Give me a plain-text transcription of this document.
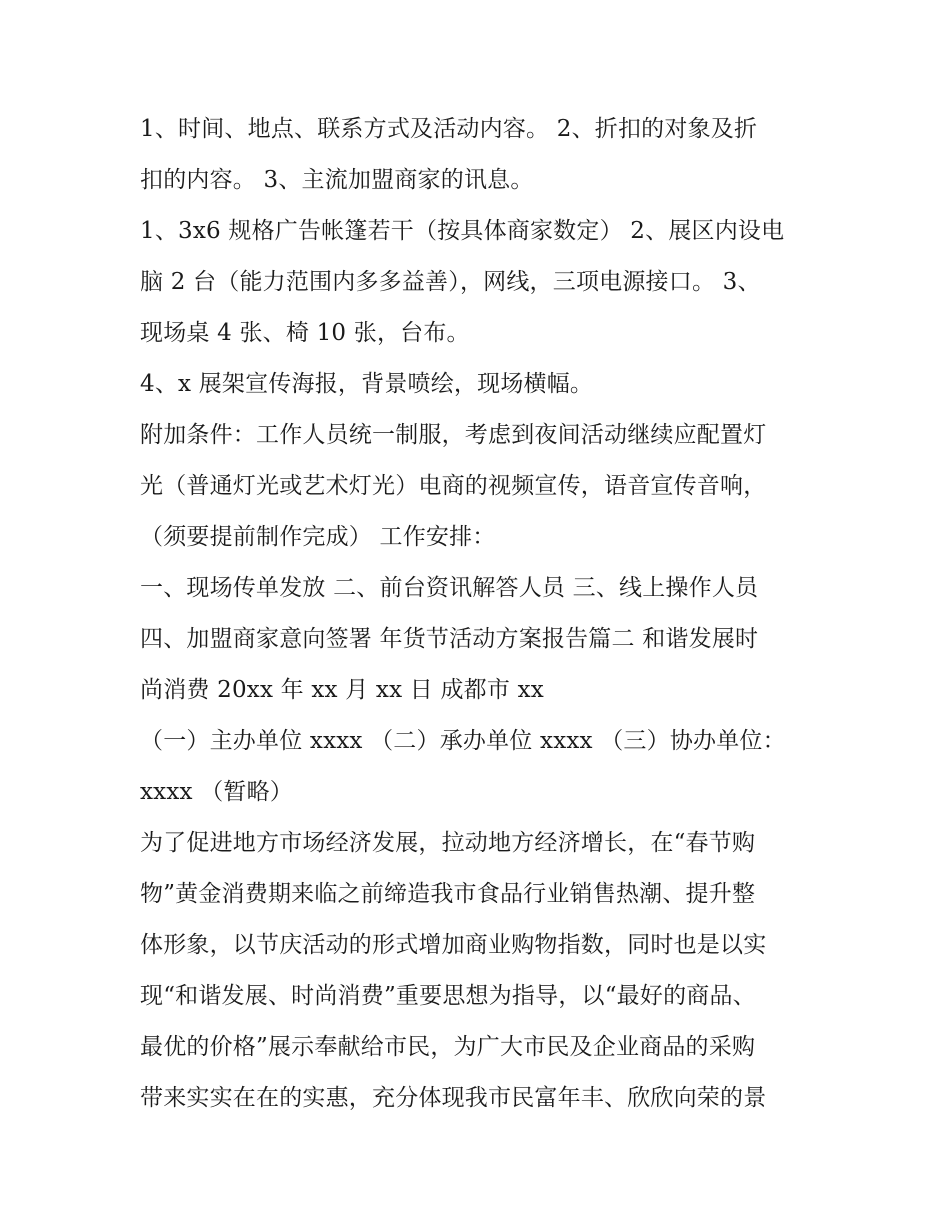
1、时间、地点、联系方式及活动内容。 2、折扣的对象及折
扣的内容。 3、主流加盟商家的讯息。
1、3x6 规格广告帐篷若干（按具体商家数定） 2、展区内设电
脑 2 台（能力范围内多多益善），网线，三项电源接口。 3、
现场桌 4 张、椅 10 张，台布。
4、x 展架宣传海报，背景喷绘，现场横幅。
附加条件：工作人员统一制服，考虑到夜间活动继续应配置灯
光（普通灯光或艺术灯光）电商的视频宣传，语音宣传音响，
（须要提前制作完成） 工作安排：
一、现场传单发放 二、前台资讯解答人员 三、线上操作人员
四、加盟商家意向签署 年货节活动方案报告篇二 和谐发展时
尚消费 20xx 年 xx 月 xx 日 成都市 xx
（一）主办单位 xxxx （二）承办单位 xxxx （三）协办单位：
xxxx （暂略）
为了促进地方市场经济发展，拉动地方经济增长，在“春节购
物”黄金消费期来临之前缔造我市食品行业销售热潮、提升整
体形象，以节庆活动的形式增加商业购物指数，同时也是以实
现“和谐发展、时尚消费”重要思想为指导，以“最好的商品、
最优的价格”展示奉献给市民，为广大市民及企业商品的采购
带来实实在在的实惠，充分体现我市民富年丰、欣欣向荣的景
